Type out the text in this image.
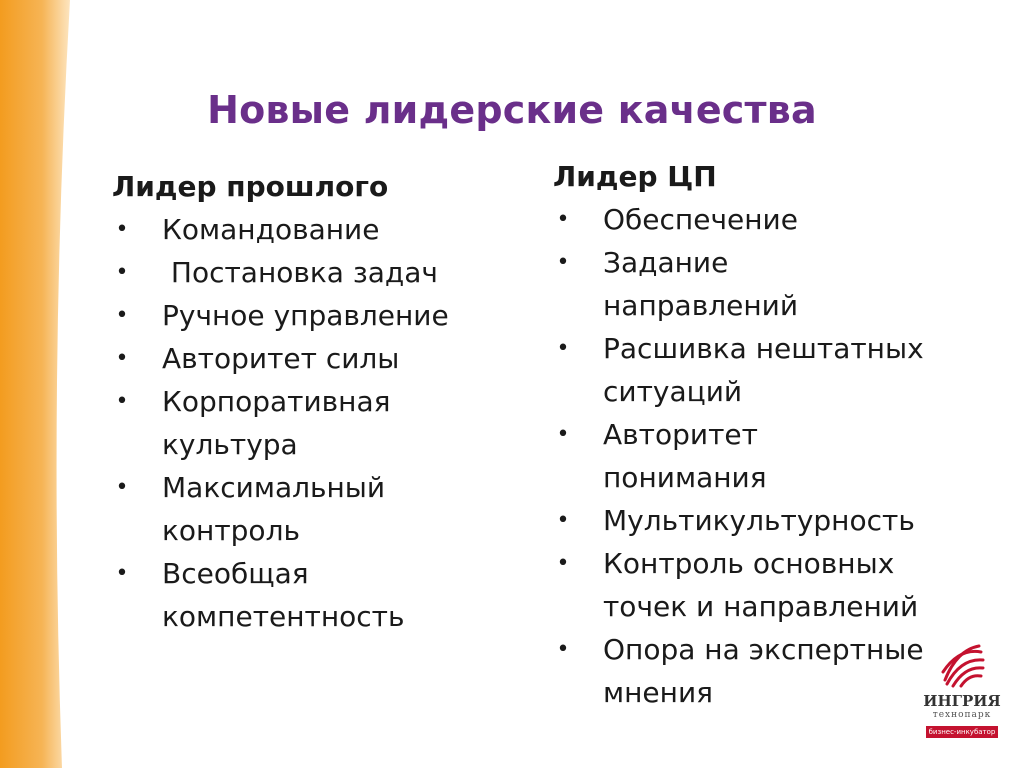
Новые лидерские качества
Лидер прошлого
• Командование
• Постановка задач
• Ручное управление
• Авторитет силы
• Корпоративная культура
• Максимальный контроль
• Всеобщая компетентность
Лидер ЦП
• Обеспечение
• Задание направлений
• Расшивка нештатных ситуаций
• Авторитет понимания
• Мультикультурность
• Контроль основных точек и направлений
• Опора на экспертные мнения	ИНГРИЯ
технопарк
бизнес-инкубатор
